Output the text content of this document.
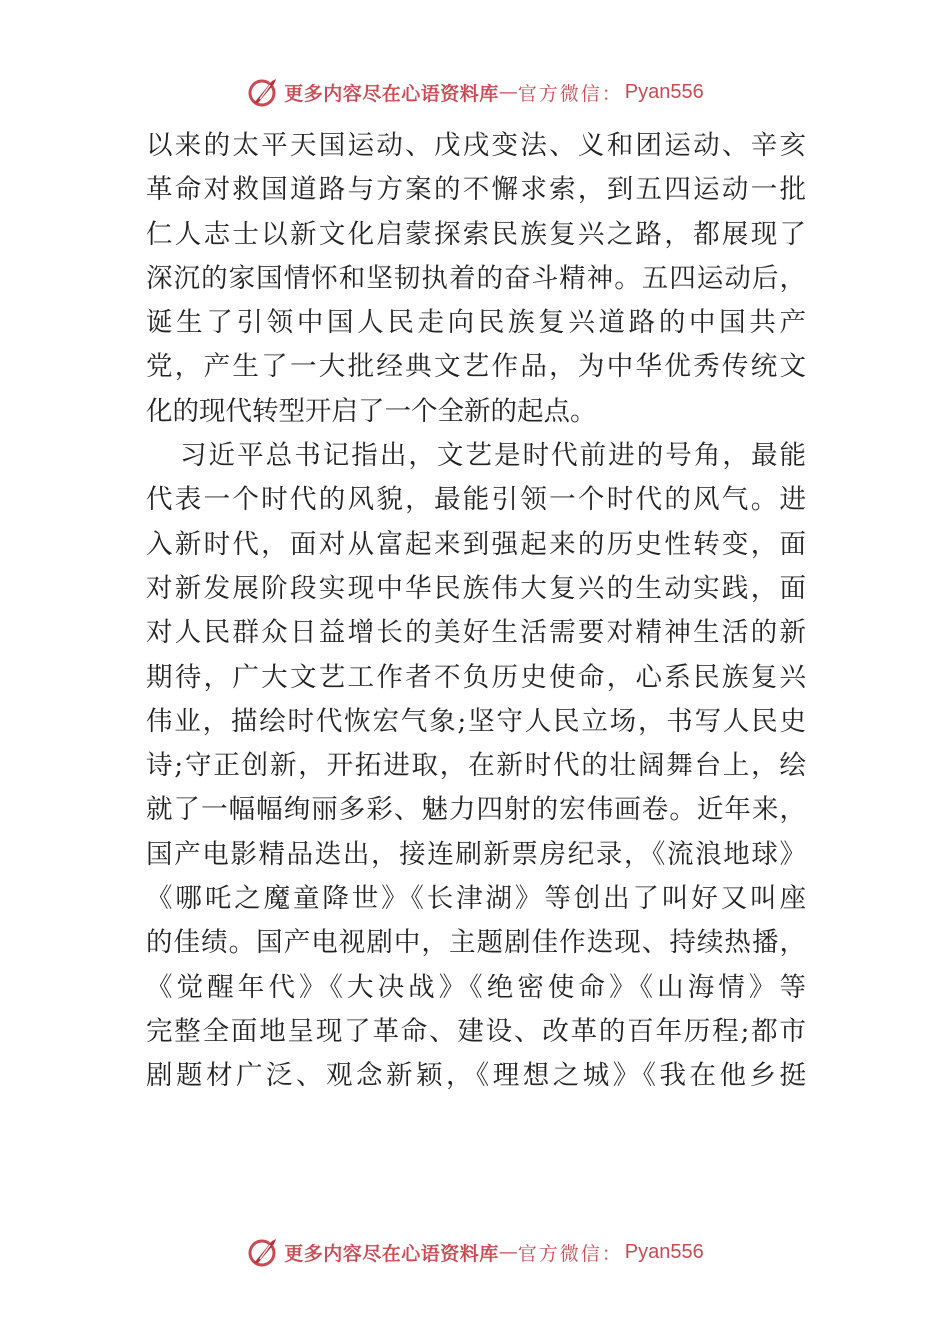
更多内容尽在心语资料库 — 官方微信： Pyan556
以来的太平天国运动、戊戌变法、义和团运动、辛亥
革命对救国道路与方案的不懈求索，到五四运动一批
仁人志士以新文化启蒙探索民族复兴之路，都展现了
深沉的家国情怀和坚韧执着的奋斗精神。五四运动后，
诞生了引领中国人民走向民族复兴道路的中国共产
党，产生了一大批经典文艺作品，为中华优秀传统文
化的现代转型开启了一个全新的起点。
习近平总书记指出，文艺是时代前进的号角，最能
代表一个时代的风貌，最能引领一个时代的风气。进
入新时代，面对从富起来到强起来的历史性转变，面
对新发展阶段实现中华民族伟大复兴的生动实践，面
对人民群众日益增长的美好生活需要对精神生活的新
期待，广大文艺工作者不负历史使命，心系民族复兴
伟业，描绘时代恢宏气象;坚守人民立场，书写人民史
诗;守正创新，开拓进取，在新时代的壮阔舞台上，绘
就了一幅幅绚丽多彩、魅力四射的宏伟画卷。近年来，
国产电影精品迭出，接连刷新票房纪录，《流浪地球》
《哪吒之魔童降世》《长津湖》等创出了叫好又叫座
的佳绩。国产电视剧中，主题剧佳作迭现、持续热播，
《觉醒年代》《大决战》《绝密使命》《山海情》等
完整全面地呈现了革命、建设、改革的百年历程;都市
剧题材广泛、观念新颖，《理想之城》《我在他乡挺
更多内容尽在心语资料库 — 官方微信： Pyan556
